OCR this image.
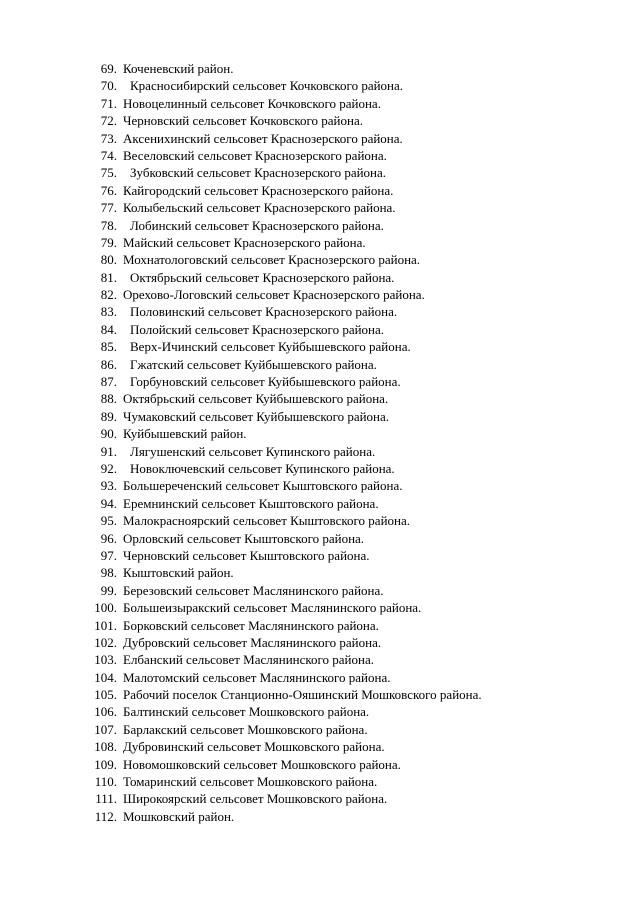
69. Коченевский район.
70. Красносибирский сельсовет Кочковского района.
71. Новоцелинный сельсовет Кочковского района.
72. Черновский сельсовет Кочковского района.
73. Аксенихинский сельсовет Краснозерского района.
74. Веселовский сельсовет Краснозерского района.
75. Зубковский сельсовет Краснозерского района.
76. Кайгородский сельсовет Краснозерского района.
77. Колыбельский сельсовет Краснозерского района.
78. Лобинский сельсовет Краснозерского района.
79. Майский сельсовет Краснозерского района.
80. Мохнатологовский сельсовет Краснозерского района.
81. Октябрьский сельсовет Краснозерского района.
82. Орехово-Логовский сельсовет Краснозерского района.
83. Половинский сельсовет Краснозерского района.
84. Полойский сельсовет Краснозерского района.
85. Верх-Ичинский сельсовет Куйбышевского района.
86. Гжатский сельсовет Куйбышевского района.
87. Горбуновский сельсовет Куйбышевского района.
88. Октябрьский сельсовет Куйбышевского района.
89. Чумаковский сельсовет Куйбышевского района.
90. Куйбышевский район.
91. Лягушенский сельсовет Купинского района.
92. Новоключевский сельсовет Купинского района.
93. Большереченский сельсовет Кыштовского района.
94. Еремнинский сельсовет Кыштовского района.
95. Малокраснoярский сельсовет Кыштовского района.
96. Орловский сельсовет Кыштовского района.
97. Черновский сельсовет Кыштовского района.
98. Кыштовский район.
99. Березовский сельсовет Маслянинского района.
100. Большеизыракский сельсовет Маслянинского района.
101. Борковский сельсовет Маслянинского района.
102. Дубровский сельсовет Маслянинского района.
103. Елбанский сельсовет Маслянинского района.
104. Малотомский сельсовет Маслянинского района.
105. Рабочий поселок Станционно-Ояшинский Мошковского района.
106. Балтинский сельсовет Мошковского района.
107. Барлакский сельсовет Мошковского района.
108. Дубровинский сельсовет Мошковского района.
109. Новомошковский сельсовет Мошковского района.
110. Томаринский сельсовет Мошковского района.
111. Широкоярский сельсовет Мошковского района.
112. Мошковский район.
